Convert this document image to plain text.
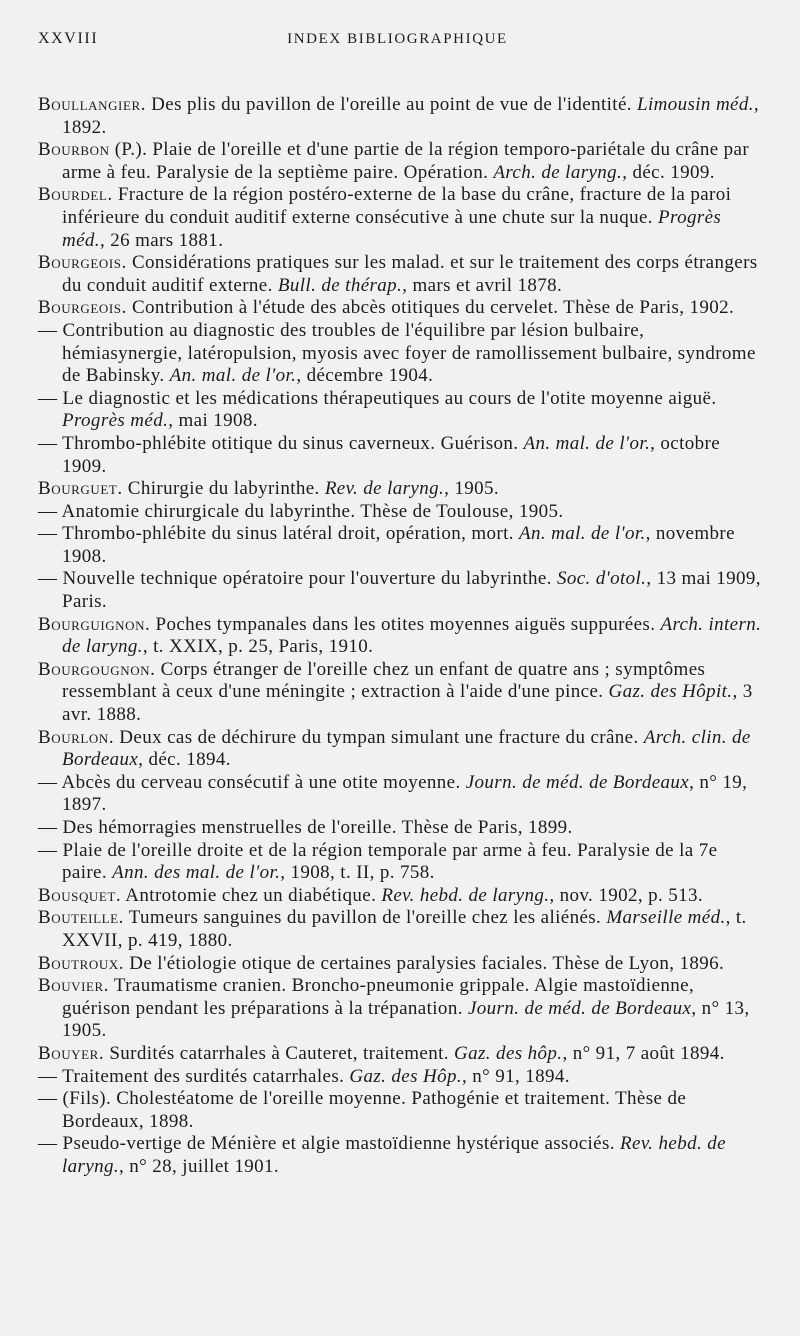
XXVIII	INDEX BIBLIOGRAPHIQUE
Boullangier. Des plis du pavillon de l'oreille au point de vue de l'identité. Limousin méd., 1892.
Bourbon (P.). Plaie de l'oreille et d'une partie de la région temporo-pariétale du crâne par arme à feu. Paralysie de la septième paire. Opération. Arch. de laryng., déc. 1909.
Bourdel. Fracture de la région postéro-externe de la base du crâne, fracture de la paroi inférieure du conduit auditif externe consécutive à une chute sur la nuque. Progrès méd., 26 mars 1881.
Bourgeois. Considérations pratiques sur les malad. et sur le traitement des corps étrangers du conduit auditif externe. Bull. de thérap., mars et avril 1878.
Bourgeois. Contribution à l'étude des abcès otitiques du cervelet. Thèse de Paris, 1902.
— Contribution au diagnostic des troubles de l'équilibre par lésion bulbaire, hémiasynergie, latéropulsion, myosis avec foyer de ramollissement bulbaire, syndrome de Babinsky. An. mal. de l'or., décembre 1904.
— Le diagnostic et les médications thérapeutiques au cours de l'otite moyenne aiguë. Progrès méd., mai 1908.
— Thrombo-phlébite otitique du sinus caverneux. Guérison. An. mal. de l'or., octobre 1909.
Bourguet. Chirurgie du labyrinthe. Rev. de laryng., 1905.
— Anatomie chirurgicale du labyrinthe. Thèse de Toulouse, 1905.
— Thrombo-phlébite du sinus latéral droit, opération, mort. An. mal. de l'or., novembre 1908.
— Nouvelle technique opératoire pour l'ouverture du labyrinthe. Soc. d'otol., 13 mai 1909, Paris.
Bourguignon. Poches tympanales dans les otites moyennes aiguës suppurées. Arch. intern. de laryng., t. XXIX, p. 25, Paris, 1910.
Bourgougnon. Corps étranger de l'oreille chez un enfant de quatre ans ; symptômes ressemblant à ceux d'une méningite ; extraction à l'aide d'une pince. Gaz. des Hôpit., 3 avr. 1888.
Bourlon. Deux cas de déchirure du tympan simulant une fracture du crâne. Arch. clin. de Bordeaux, déc. 1894.
— Abcès du cerveau consécutif à une otite moyenne. Journ. de méd. de Bordeaux, n° 19, 1897.
— Des hémorragies menstruelles de l'oreille. Thèse de Paris, 1899.
— Plaie de l'oreille droite et de la région temporale par arme à feu. Paralysie de la 7e paire. Ann. des mal. de l'or., 1908, t. II, p. 758.
Bousquet. Antrotomie chez un diabétique. Rev. hebd. de laryng., nov. 1902, p. 513.
Bouteille. Tumeurs sanguines du pavillon de l'oreille chez les aliénés. Marseille méd., t. XXVII, p. 419, 1880.
Boutroux. De l'étiologie otique de certaines paralysies faciales. Thèse de Lyon, 1896.
Bouvier. Traumatisme cranien. Broncho-pneumonie grippale. Algie mastoïdienne, guérison pendant les préparations à la trépanation. Journ. de méd. de Bordeaux, n° 13, 1905.
Bouyer. Surdités catarrhales à Cauteret, traitement. Gaz. des hôp., n° 91, 7 août 1894.
— Traitement des surdités catarrhales. Gaz. des Hôp., n° 91, 1894.
— (Fils). Cholestéatome de l'oreille moyenne. Pathogénie et traitement. Thèse de Bordeaux, 1898.
— Pseudo-vertige de Ménière et algie mastoïdienne hystérique associés. Rev. hebd. de laryng., n° 28, juillet 1901.
